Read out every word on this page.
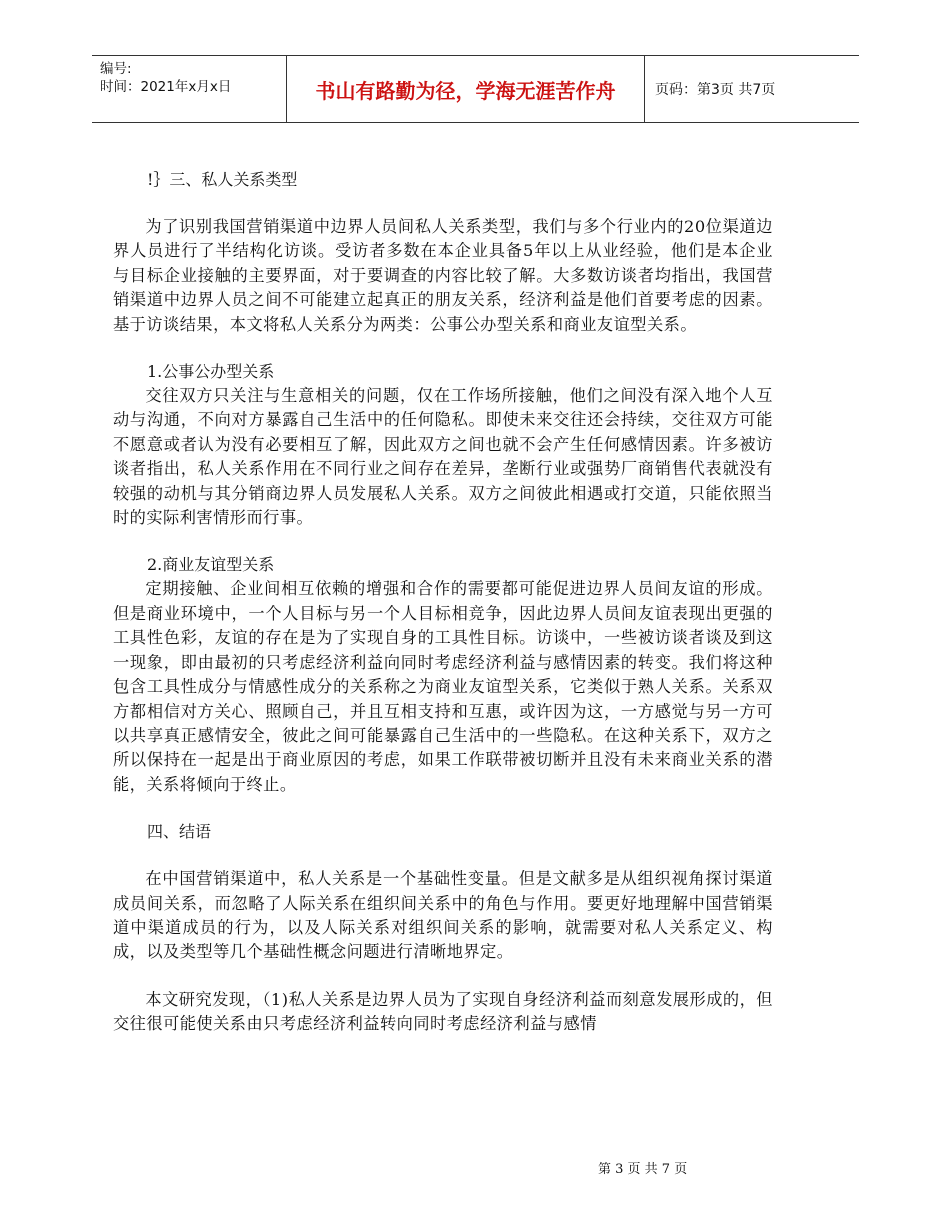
编号:
时间：2021年x月x日	书山有路勤为径，学海无涯苦作舟	页码：第3页 共7页
!｝三、私人关系类型

为了识别我国营销渠道中边界人员间私人关系类型，我们与多个行业内的20位渠道边界人员进行了半结构化访谈。受访者多数在本企业具备5年以上从业经验，他们是本企业与目标企业接触的主要界面，对于要调查的内容比较了解。大多数访谈者均指出，我国营销渠道中边界人员之间不可能建立起真正的朋友关系，经济利益是他们首要考虑的因素。基于访谈结果，本文将私人关系分为两类：公事公办型关系和商业友谊型关系。

1.公事公办型关系

交往双方只关注与生意相关的问题，仅在工作场所接触，他们之间没有深入地个人互动与沟通，不向对方暴露自己生活中的任何隐私。即使未来交往还会持续，交往双方可能不愿意或者认为没有必要相互了解，因此双方之间也就不会产生任何感情因素。许多被访谈者指出，私人关系作用在不同行业之间存在差异，垄断行业或强势厂商销售代表就没有较强的动机与其分销商边界人员发展私人关系。双方之间彼此相遇或打交道，只能依照当时的实际利害情形而行事。

2.商业友谊型关系

定期接触、企业间相互依赖的增强和合作的需要都可能促进边界人员间友谊的形成。但是商业环境中，一个人目标与另一个人目标相竞争，因此边界人员间友谊表现出更强的工具性色彩，友谊的存在是为了实现自身的工具性目标。访谈中，一些被访谈者谈及到这一现象，即由最初的只考虑经济利益向同时考虑经济利益与感情因素的转变。我们将这种包含工具性成分与情感性成分的关系称之为商业友谊型关系，它类似于熟人关系。关系双方都相信对方关心、照顾自己，并且互相支持和互惠，或许因为这，一方感觉与另一方可以共享真正感情安全，彼此之间可能暴露自己生活中的一些隐私。在这种关系下，双方之所以保持在一起是出于商业原因的考虑，如果工作联带被切断并且没有未来商业关系的潜能，关系将倾向于终止。

四、结语

在中国营销渠道中，私人关系是一个基础性变量。但是文献多是从组织视角探讨渠道成员间关系，而忽略了人际关系在组织间关系中的角色与作用。要更好地理解中国营销渠道中渠道成员的行为，以及人际关系对组织间关系的影响，就需要对私人关系定义、构成，以及类型等几个基础性概念问题进行清晰地界定。

本文研究发现，（1)私人关系是边界人员为了实现自身经济利益而刻意发展形成的，但交往很可能使关系由只考虑经济利益转向同时考虑经济利益与感情

第 3 页 共 7 页
